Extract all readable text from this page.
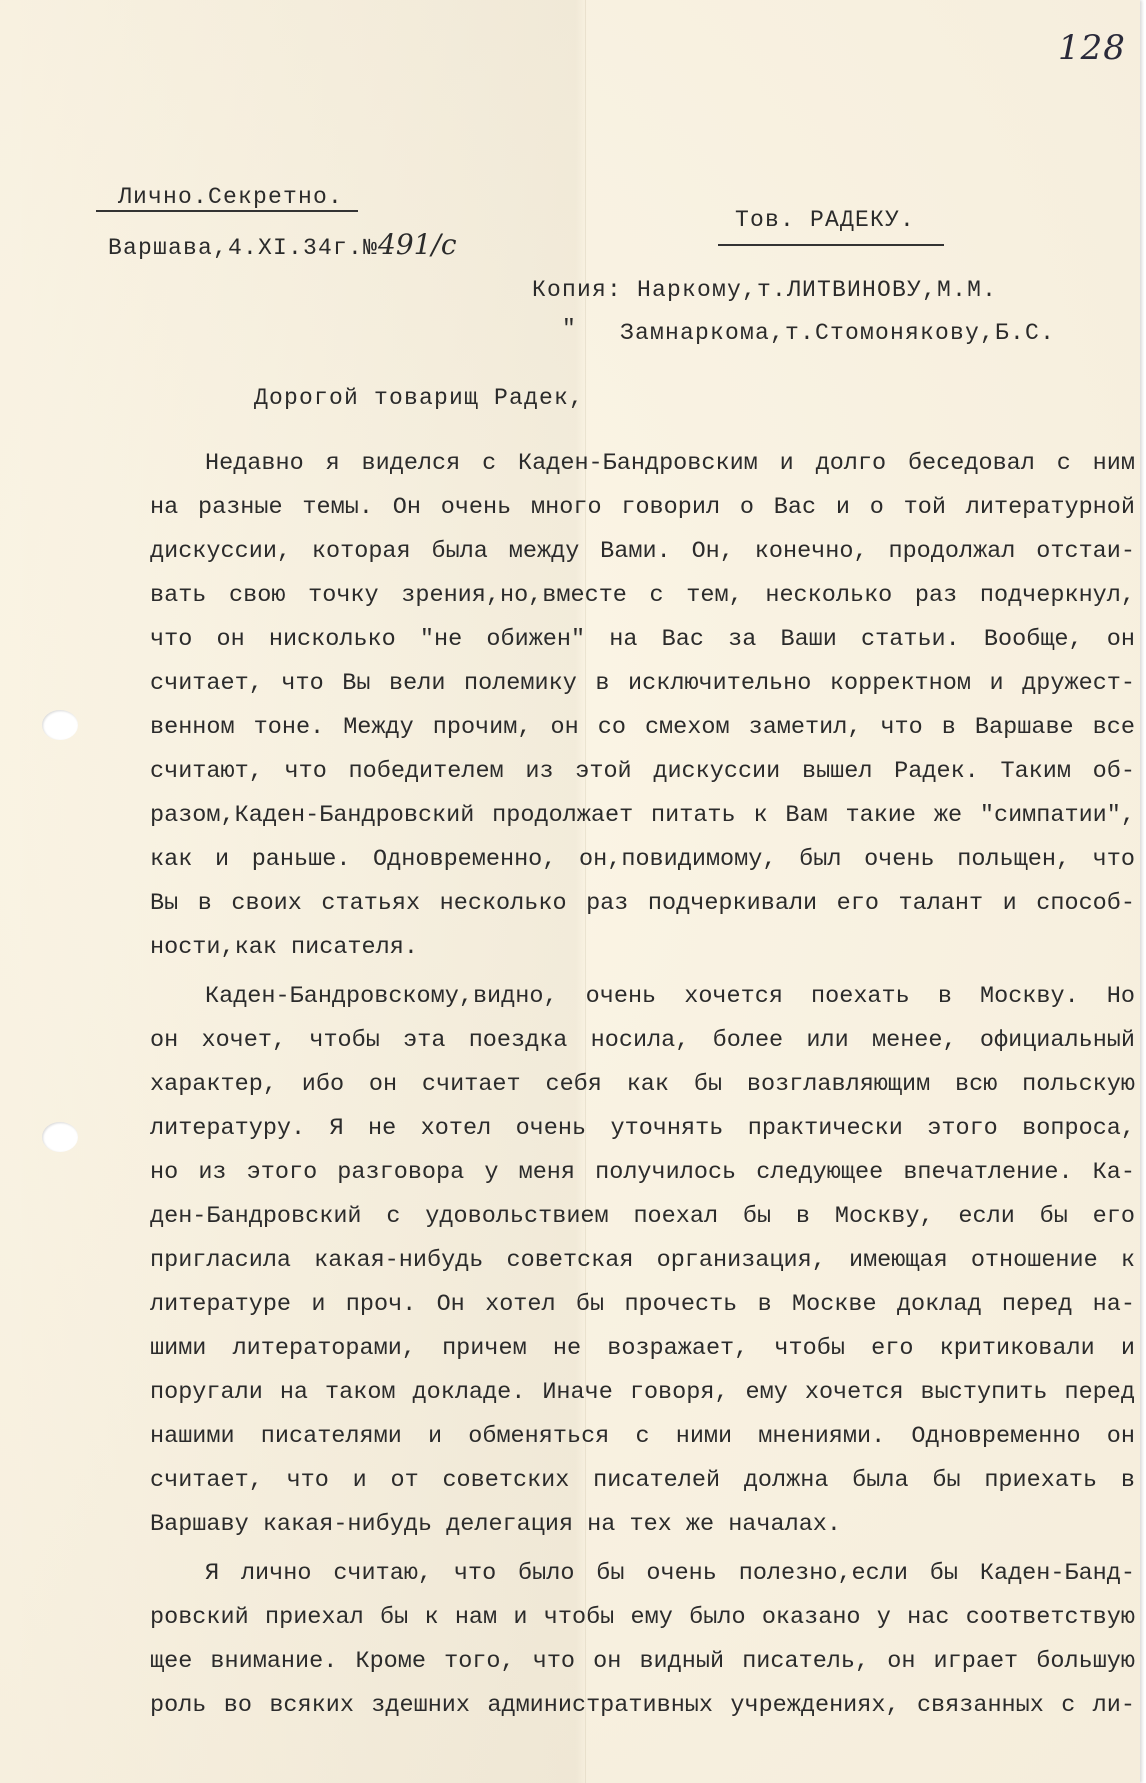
128
Лично.Секретно.
Варшава,4.XI.34г.№491/с
Тов. РАДЕКУ.
Копия: Наркому,т.ЛИТВИНОВУ,М.М.
" Замнаркома,т.Стомонякову,Б.С.
Дорогой товарищ Радек,
Недавно я виделся с Каден-Бандровским и долго беседовал с ним
на разные темы. Он очень много говорил о Вас и о той литературной
дискуссии, которая была между Вами. Он, конечно, продолжал отстаи-
вать свою точку зрения,но,вместе с тем, несколько раз подчеркнул,
что он нисколько "не обижен" на Вас за Ваши статьи. Вообще, он
считает, что Вы вели полемику в исключительно корректном и дружест-
венном тоне. Между прочим, он со смехом заметил, что в Варшаве все
считают, что победителем из этой дискуссии вышел Радек. Таким об-
разом,Каден-Бандровский продолжает питать к Вам такие же "симпатии",
как и раньше. Одновременно, он,повидимому, был очень польщен, что
Вы в своих статьях несколько раз подчеркивали его талант и способ-
ности,как писателя.
Каден-Бандровскому,видно, очень хочется поехать в Москву. Но
он хочет, чтобы эта поездка носила, более или менее, официальный
характер, ибо он считает себя как бы возглавляющим всю польскую
литературу. Я не хотел очень уточнять практически этого вопроса,
но из этого разговора у меня получилось следующее впечатление. Ка-
ден-Бандровский с удовольствием поехал бы в Москву, если бы его
пригласила какая-нибудь советская организация, имеющая отношение к
литературе и проч. Он хотел бы прочесть в Москве доклад перед на-
шими литераторами, причем не возражает, чтобы его критиковали и
поругали на таком докладе. Иначе говоря, ему хочется выступить перед
нашими писателями и обменяться с ними мнениями. Одновременно он
считает, что и от советских писателей должна была бы приехать в
Варшаву какая-нибудь делегация на тех же началах.
Я лично считаю, что было бы очень полезно,если бы Каден-Банд-
ровский приехал бы к нам и чтобы ему было оказано у нас соответствую
щее внимание. Кроме того, что он видный писатель, он играет большую
роль во всяких здешних административных учреждениях, связанных с ли-
